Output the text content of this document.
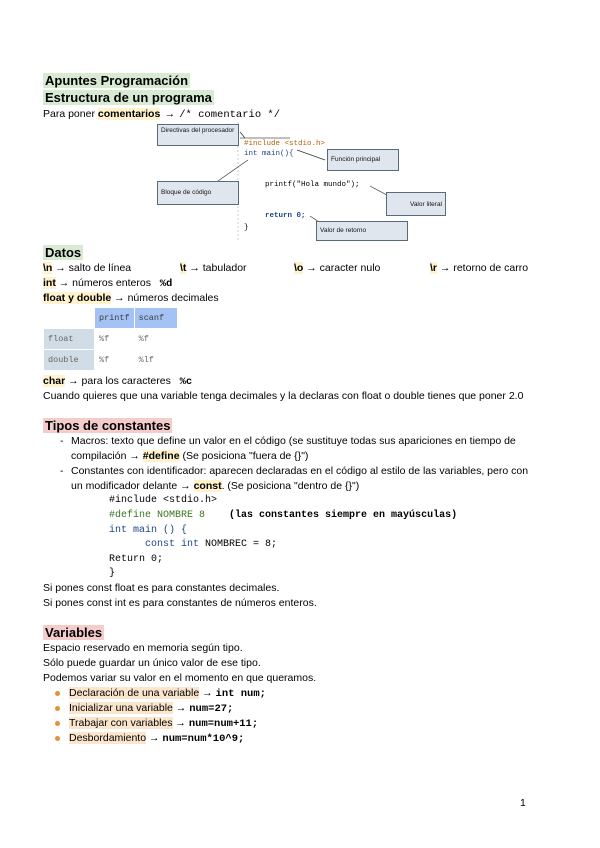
Apuntes Programación
Estructura de un programa
Para poner comentarios → /* comentario */
Directivas del procesador
Función principal
Bloque de código
Valor literal
Valor de retorno
#include <stdio.h>
int main(){
printf("Hola mundo");
return 0;
}
Datos
\n → salto de línea	\t → tabulador	\o → caracter nulo	\r → retorno de carro
int → números enteros %d
float y double → números decimales
	printf	scanf
float	%f	%f
double	%f	%lf
char → para los caracteres %c
Cuando quieres que una variable tenga decimales y la declaras con float o double tienes que poner 2.0
Tipos de constantes
- Macros: texto que define un valor en el código (se sustituye todas sus apariciones en tiempo de
compilación → #define (Se posiciona "fuera de {}")
- Constantes con identificador: aparecen declaradas en el código al estilo de las variables, pero con
un modificador delante → const. (Se posiciona "dentro de {}")
#include <stdio.h>
#define NOMBRE 8 (las constantes siempre en mayúsculas)
int main () {
const int NOMBREC = 8;
Return 0;
}
Si pones const float es para constantes decimales.
Si pones const int es para constantes de números enteros.
Variables
Espacio reservado en memoria según tipo.
Sólo puede guardar un único valor de ese tipo.
Podemos variar su valor en el momento en que queramos.
Declaración de una variable → int num;
Inicializar una variable → num=27;
Trabajar con variables → num=num+11;
Desbordamiento → num=num*10^9;
1
